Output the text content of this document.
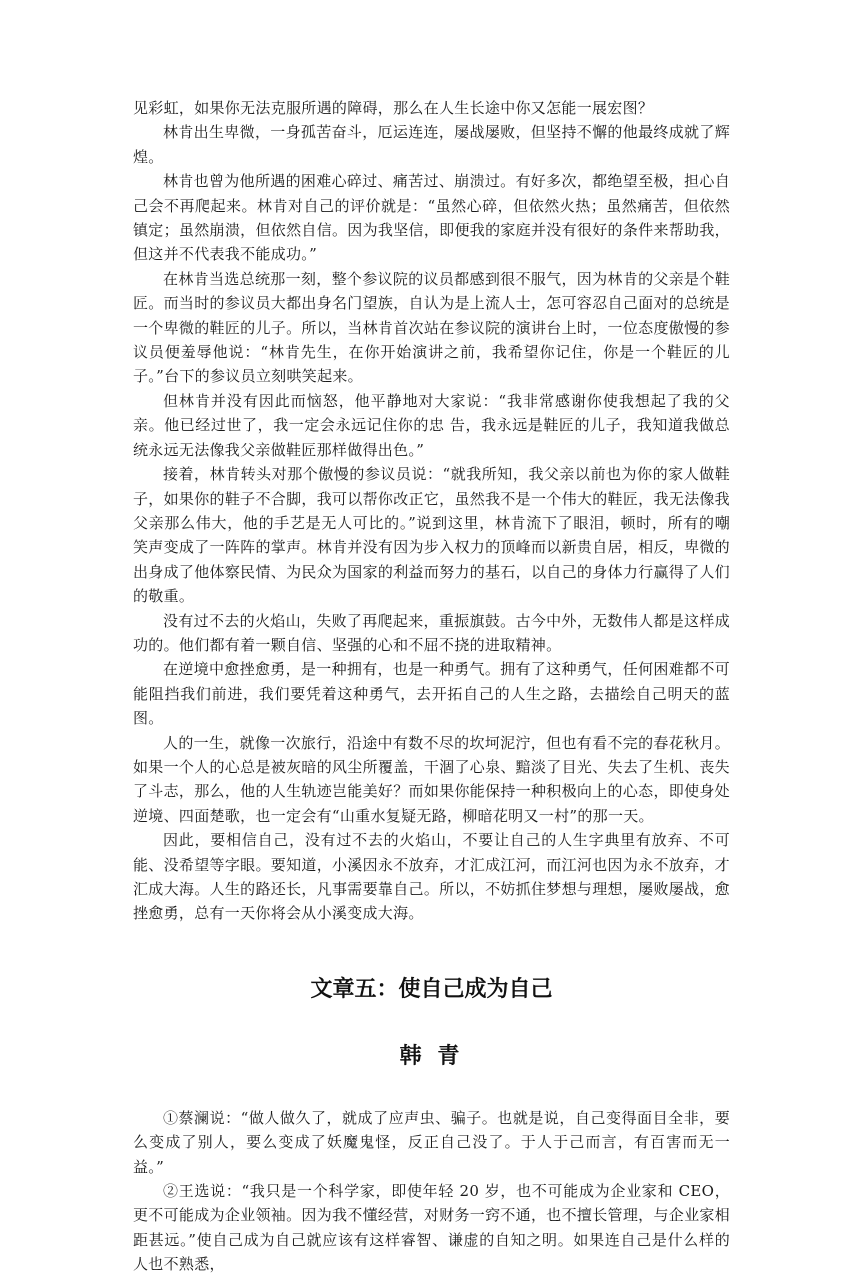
见彩虹，如果你无法克服所遇的障碍，那么在人生长途中你又怎能一展宏图？

林肯出生卑微，一身孤苦奋斗，厄运连连，屡战屡败，但坚持不懈的他最终成就了辉煌。

林肯也曾为他所遇的困难心碎过、痛苦过、崩溃过。有好多次，都绝望至极，担心自己会不再爬起来。林肯对自己的评价就是：“虽然心碎，但依然火热；虽然痛苦，但依然镇定；虽然崩溃，但依然自信。因为我坚信，即便我的家庭并没有很好的条件来帮助我，但这并不代表我不能成功。”

在林肯当选总统那一刻，整个参议院的议员都感到很不服气，因为林肯的父亲是个鞋匠。而当时的参议员大都出身名门望族，自认为是上流人士，怎可容忍自己面对的总统是一个卑微的鞋匠的儿子。所以，当林肯首次站在参议院的演讲台上时，一位态度傲慢的参议员便羞辱他说：“林肯先生，在你开始演讲之前，我希望你记住，你是一个鞋匠的儿子。”台下的参议员立刻哄笑起来。

但林肯并没有因此而恼怒，他平静地对大家说：“我非常感谢你使我想起了我的父亲。他已经过世了，我一定会永远记住你的忠 告，我永远是鞋匠的儿子，我知道我做总统永远无法像我父亲做鞋匠那样做得出色。”

接着，林肯转头对那个傲慢的参议员说：“就我所知，我父亲以前也为你的家人做鞋子，如果你的鞋子不合脚，我可以帮你改正它，虽然我不是一个伟大的鞋匠，我无法像我父亲那么伟大，他的手艺是无人可比的。”说到这里，林肯流下了眼泪，顿时，所有的嘲笑声变成了一阵阵的掌声。林肯并没有因为步入权力的顶峰而以新贵自居，相反，卑微的出身成了他体察民情、为民众为国家的利益而努力的基石，以自己的身体力行赢得了人们的敬重。

没有过不去的火焰山，失败了再爬起来，重振旗鼓。古今中外，无数伟人都是这样成功的。他们都有着一颗自信、坚强的心和不屈不挠的进取精神。

在逆境中愈挫愈勇，是一种拥有，也是一种勇气。拥有了这种勇气，任何困难都不可能阻挡我们前进，我们要凭着这种勇气，去开拓自己的人生之路，去描绘自己明天的蓝图。

人的一生，就像一次旅行，沿途中有数不尽的坎坷泥泞，但也有看不完的春花秋月。如果一个人的心总是被灰暗的风尘所覆盖，干涸了心泉、黯淡了目光、失去了生机、丧失了斗志，那么，他的人生轨迹岂能美好？而如果你能保持一种积极向上的心态，即使身处逆境、四面楚歌，也一定会有“山重水复疑无路，柳暗花明又一村”的那一天。

因此，要相信自己，没有过不去的火焰山，不要让自己的人生字典里有放弃、不可能、没希望等字眼。要知道，小溪因永不放弃，才汇成江河，而江河也因为永不放弃，才汇成大海。人生的路还长，凡事需要靠自己。所以，不妨抓住梦想与理想，屡败屡战，愈挫愈勇，总有一天你将会从小溪变成大海。

文章五：使自己成为自己
韩 青

①蔡澜说：“做人做久了，就成了应声虫、骗子。也就是说，自己变得面目全非，要么变成了别人，要么变成了妖魔鬼怪，反正自己没了。于人于己而言，有百害而无一益。”

②王选说：“我只是一个科学家，即使年轻 20 岁，也不可能成为企业家和 CEO，更不可能成为企业领袖。因为我不懂经营，对财务一窍不通，也不擅长管理，与企业家相距甚远。”使自己成为自己就应该有这样睿智、谦虚的自知之明。如果连自己是什么样的人也不熟悉，
